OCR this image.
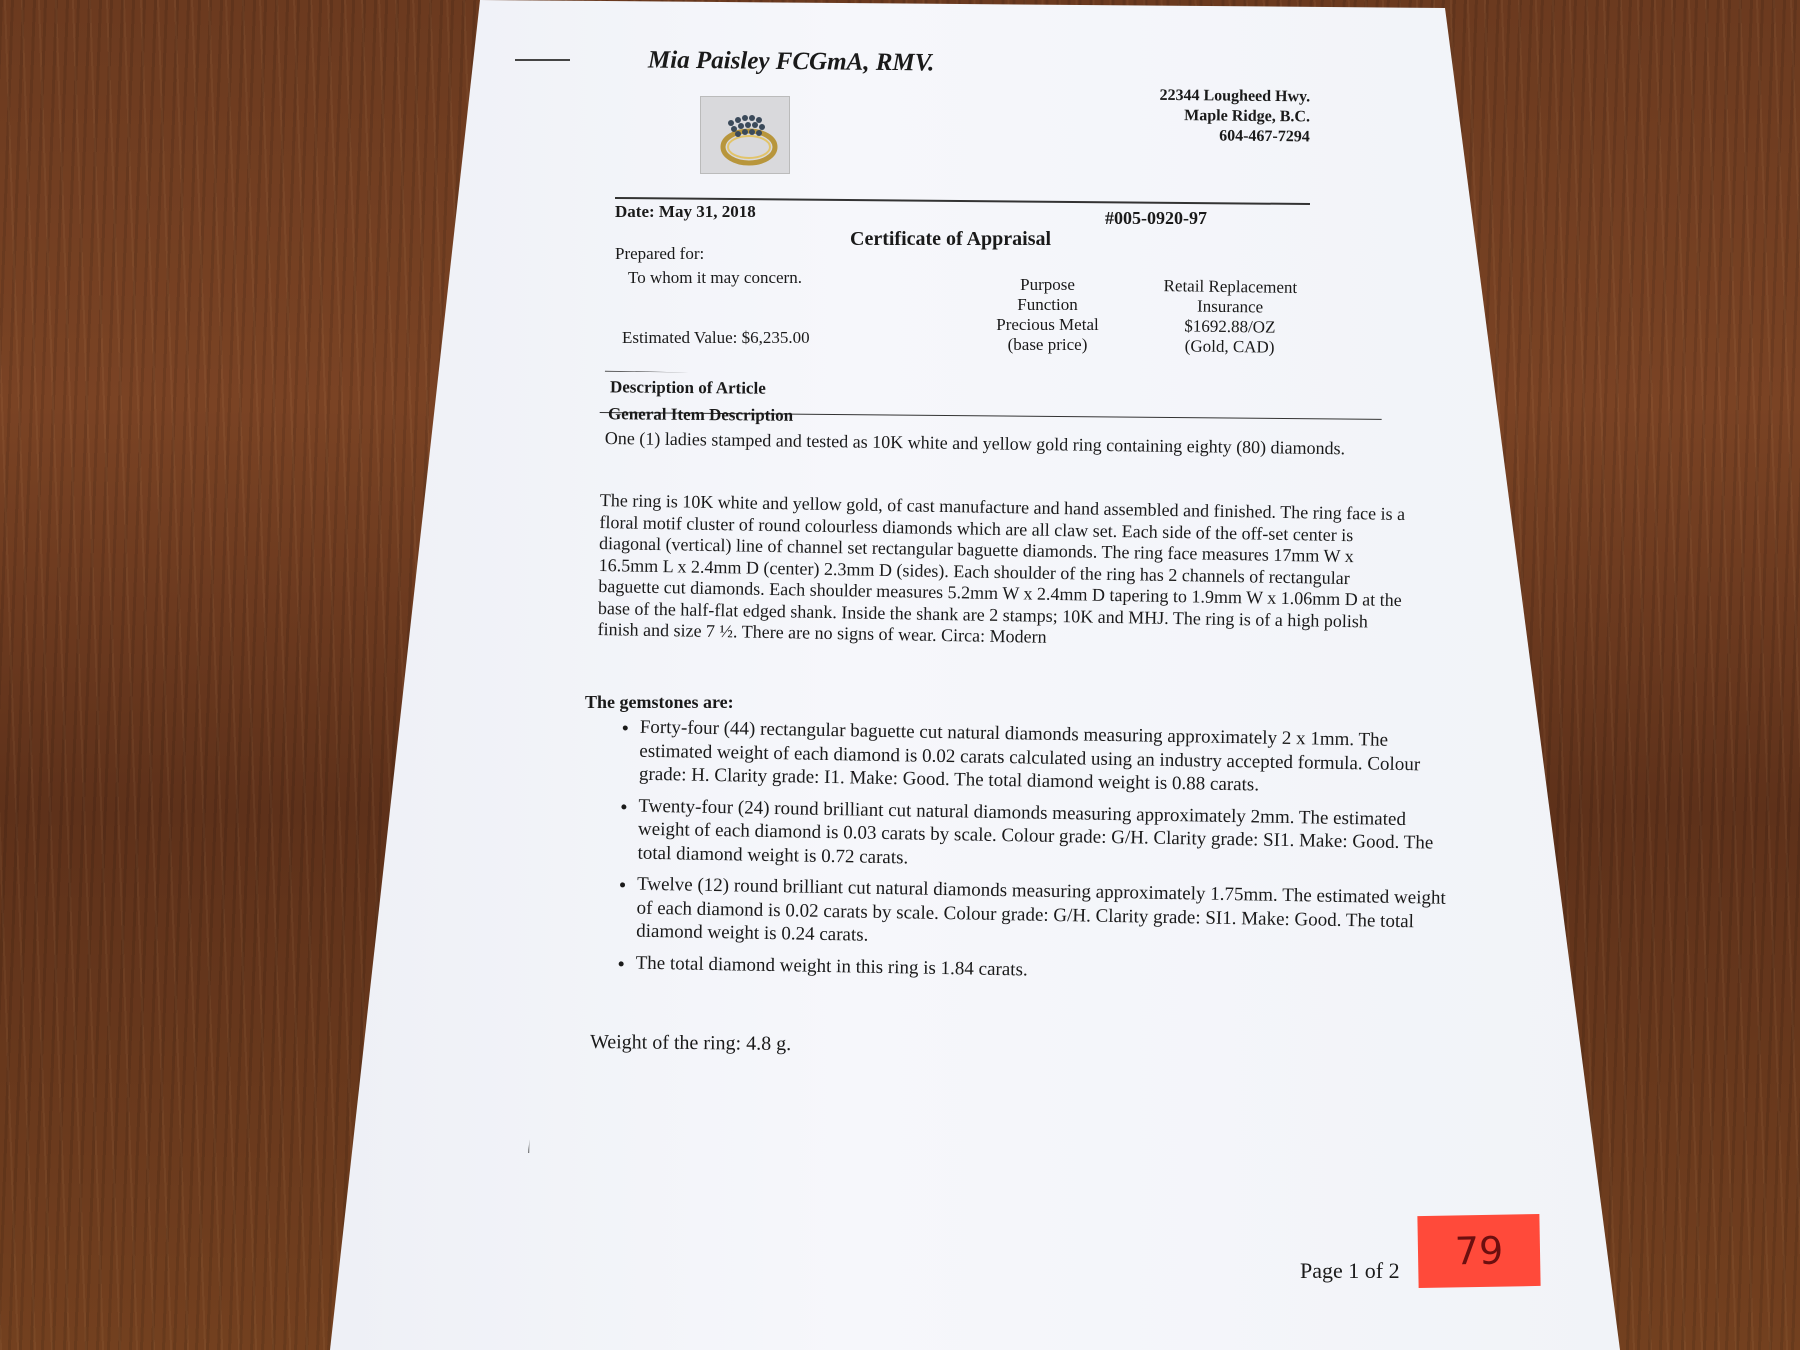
Mia Paisley FCGmA, RMV.
22344 Lougheed Hwy.
Maple Ridge, B.C.
604-467-7294
Date: May 31, 2018	#005-0920-97
Certificate of Appraisal
Prepared for:
To whom it may concern.
Estimated Value: $6,235.00
Purpose
Function
Precious Metal
(base price)
Retail Replacement
Insurance
$1692.88/OZ
(Gold, CAD)
Description of Article
General Item Description
One (1) ladies stamped and tested as 10K white and yellow gold ring containing eighty (80) diamonds.
The ring is 10K white and yellow gold, of cast manufacture and hand assembled and finished. The ring face is a floral motif cluster of round colourless diamonds which are all claw set. Each side of the off-set center is diagonal (vertical) line of channel set rectangular baguette diamonds. The ring face measures 17mm W x 16.5mm L x 2.4mm D (center) 2.3mm D (sides). Each shoulder of the ring has 2 channels of rectangular baguette cut diamonds. Each shoulder measures 5.2mm W x 2.4mm D tapering to 1.9mm W x 1.06mm D at the base of the half-flat edged shank. Inside the shank are 2 stamps; 10K and MHJ. The ring is of a high polish finish and size 7 ½. There are no signs of wear. Circa: Modern
The gemstones are:
• Forty-four (44) rectangular baguette cut natural diamonds measuring approximately 2 x 1mm. The estimated weight of each diamond is 0.02 carats calculated using an industry accepted formula. Colour grade: H. Clarity grade: I1. Make: Good. The total diamond weight is 0.88 carats.
• Twenty-four (24) round brilliant cut natural diamonds measuring approximately 2mm. The estimated weight of each diamond is 0.03 carats by scale. Colour grade: G/H. Clarity grade: SI1. Make: Good. The total diamond weight is 0.72 carats.
• Twelve (12) round brilliant cut natural diamonds measuring approximately 1.75mm. The estimated weight of each diamond is 0.02 carats by scale. Colour grade: G/H. Clarity grade: SI1. Make: Good. The total diamond weight is 0.24 carats.
• The total diamond weight in this ring is 1.84 carats.
Weight of the ring: 4.8 g.
Page 1 of 2 79
